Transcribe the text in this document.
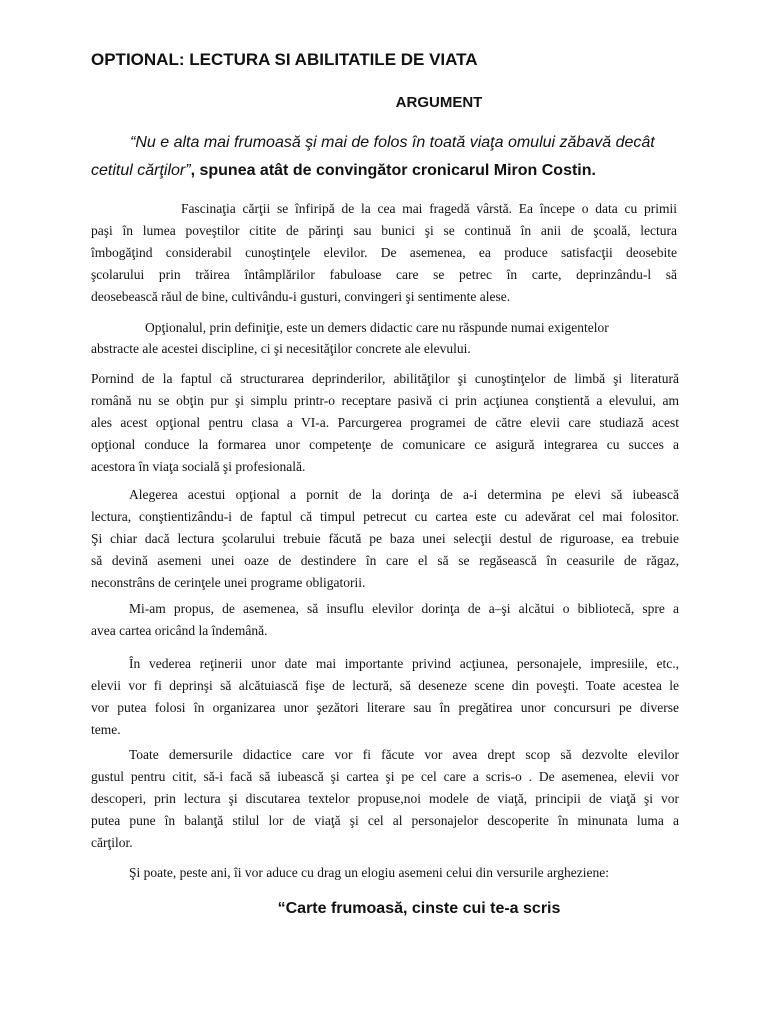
OPTIONAL: LECTURA SI ABILITATILE DE VIATA
ARGUMENT
“Nu e alta mai frumoasă şi mai de folos în toată viaţa omului zăbavă decât
cetitul cărţilor”, spunea atât de convingător cronicarul Miron Costin.
Fascinaţia cărţii se înfiripă de la cea mai fragedă vârstă. Ea începe o data cu primii
paşi în lumea poveştilor citite de părinţi sau bunici şi se continuă în anii de şcoală, lectura
îmbogăţind considerabil cunoştinţele elevilor. De asemenea, ea produce satisfacţii deosebite
şcolarului prin trăirea întâmplărilor fabuloase care se petrec în carte, deprinzându-l să
deosebească răul de bine, cultivându-i gusturi, convingeri şi sentimente alese.
Opţionalul, prin definiţie, este un demers didactic care nu răspunde numai exigentelor
abstracte ale acestei discipline, ci şi necesităţilor concrete ale elevului.
Pornind de la faptul că structurarea deprinderilor, abilităţilor şi cunoştinţelor de limbă şi literatură
română nu se obţin pur şi simplu printr-o receptare pasivă ci prin acţiunea conştientă a elevului, am
ales acest opţional pentru clasa a VI-a. Parcurgerea programei de către elevii care studiază acest
opţional conduce la formarea unor competenţe de comunicare ce asigură integrarea cu succes a
acestora în viaţa socială şi profesională.
Alegerea acestui opţional a pornit de la dorinţa de a-i determina pe elevi să iubească
lectura, conştientizându-i de faptul că timpul petrecut cu cartea este cu adevărat cel mai folositor.
Şi chiar dacă lectura şcolarului trebuie făcută pe baza unei selecţii destul de riguroase, ea trebuie
să devină asemeni unei oaze de destindere în care el să se regăsească în ceasurile de răgaz,
neconstrâns de cerinţele unei programe obligatorii.
Mi-am propus, de asemenea, să insuflu elevilor dorinţa de a–şi alcătui o bibliotecă, spre a
avea cartea oricând la îndemână.
În vederea reţinerii unor date mai importante privind acţiunea, personajele, impresiile, etc.,
elevii vor fi deprinşi să alcătuiască fişe de lectură, să deseneze scene din poveşti. Toate acestea le
vor putea folosi în organizarea unor şezători literare sau în pregătirea unor concursuri pe diverse
teme.
Toate demersurile didactice care vor fi făcute vor avea drept scop să dezvolte elevilor
gustul pentru citit, să-i facă să iubească şi cartea şi pe cel care a scris-o . De asemenea, elevii vor
descoperi, prin lectura şi discutarea textelor propuse,noi modele de viaţă, principii de viaţă şi vor
putea pune în balanţă stilul lor de viaţă şi cel al personajelor descoperite în minunata luma a
cărţilor.
Şi poate, peste ani, îi vor aduce cu drag un elogiu asemeni celui din versurile argheziene:
“Carte frumoasă, cinste cui te-a scris
